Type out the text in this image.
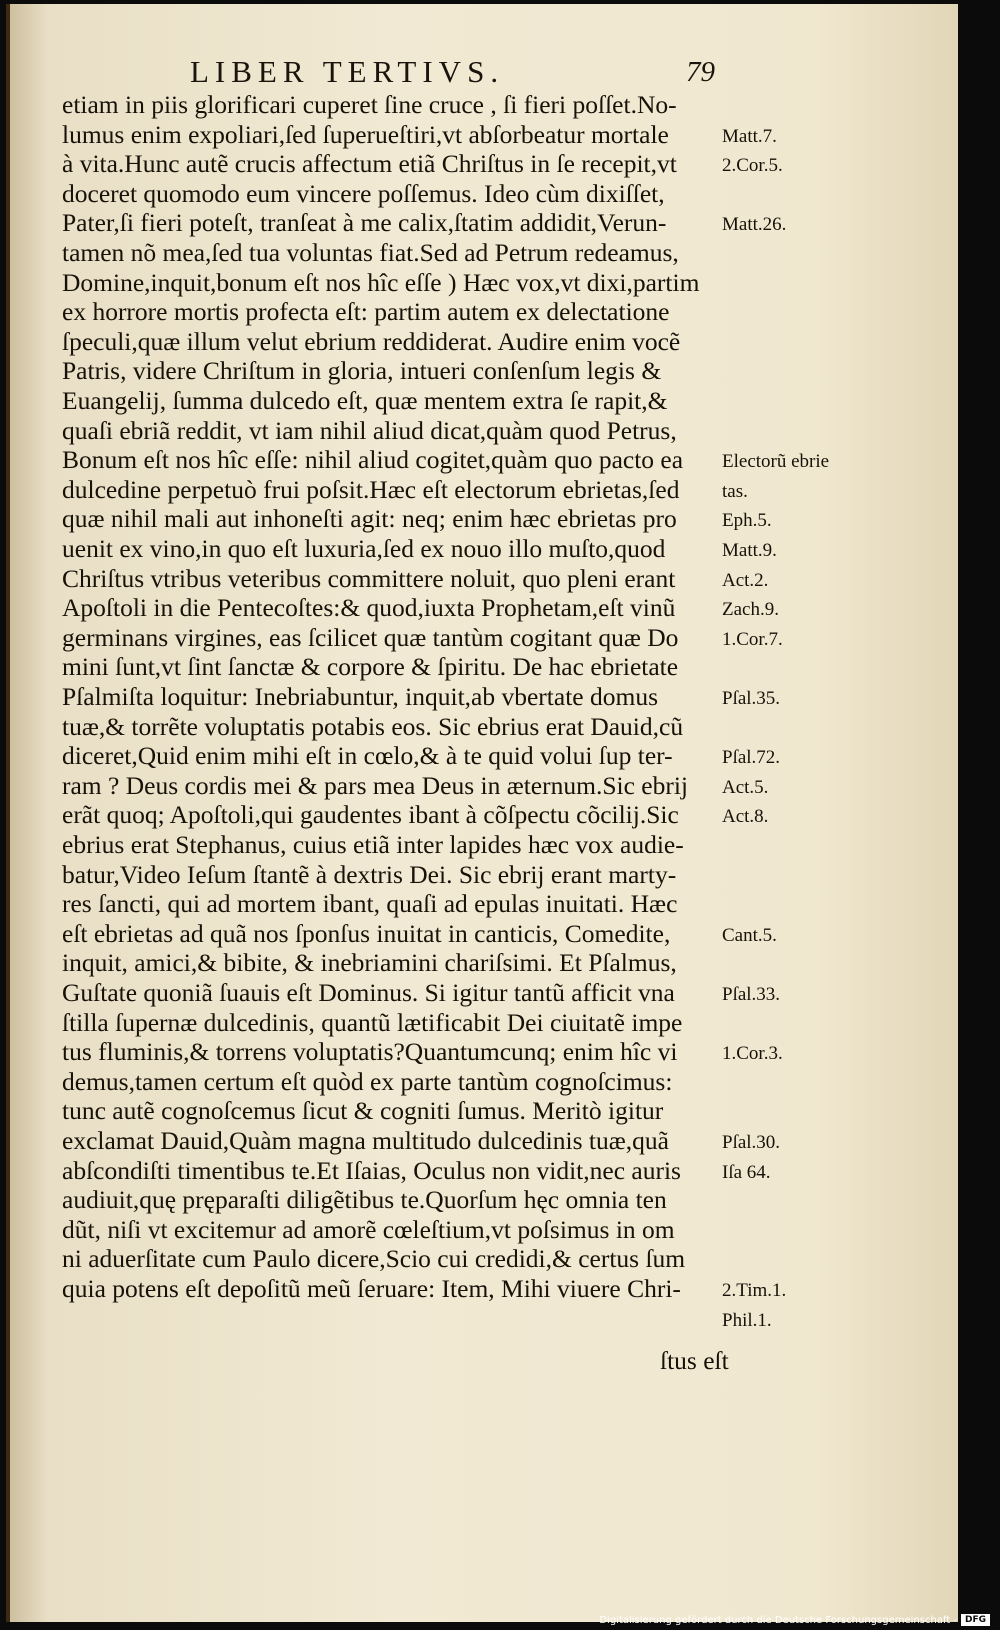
LIBER TERTIVS.	79
etiam in piis glorificari cuperet ſine cruce , ſi fieri poſſet.No-
lumus enim expoliari,ſed ſuperueſtiri,vt abſorbeatur mortale
à vita.Hunc autẽ crucis affectum etiã Chriſtus in ſe recepit,vt
doceret quomodo eum vincere poſſemus. Ideo cùm dixiſſet,
Pater,ſi fieri poteſt, tranſeat à me calix,ſtatim addidit,Verun-
tamen nõ mea,ſed tua voluntas fiat.Sed ad Petrum redeamus,
Domine,inquit,bonum eſt nos hîc eſſe ) Hæc vox,vt dixi,partim
ex horrore mortis profecta eſt: partim autem ex delectatione
ſpeculi,quæ illum velut ebrium reddiderat. Audire enim vocẽ
Patris, videre Chriſtum in gloria, intueri conſenſum legis &
Euangelij, ſumma dulcedo eſt, quæ mentem extra ſe rapit,&
quaſi ebriã reddit, vt iam nihil aliud dicat,quàm quod Petrus,
Bonum eſt nos hîc eſſe: nihil aliud cogitet,quàm quo pacto ea
dulcedine perpetuò frui poſsit.Hæc eſt electorum ebrietas,ſed
quæ nihil mali aut inhoneſti agit: neq; enim hæc ebrietas pro
uenit ex vino,in quo eſt luxuria,ſed ex nouo illo muſto,quod
Chriſtus vtribus veteribus committere noluit, quo pleni erant
Apoſtoli in die Pentecoſtes:& quod,iuxta Prophetam,eſt vinũ
germinans virgines, eas ſcilicet quæ tantùm cogitant quæ Do
mini ſunt,vt ſint ſanctæ & corpore & ſpiritu. De hac ebrietate
Pſalmiſta loquitur: Inebriabuntur, inquit,ab vbertate domus
tuæ,& torrẽte voluptatis potabis eos. Sic ebrius erat Dauid,cũ
diceret,Quid enim mihi eſt in cœlo,& à te quid volui ſup ter-
ram ? Deus cordis mei & pars mea Deus in æternum.Sic ebrij
erãt quoq; Apoſtoli,qui gaudentes ibant à cõſpectu cõcilij.Sic
ebrius erat Stephanus, cuius etiã inter lapides hæc vox audie-
batur,Video Ieſum ſtantẽ à dextris Dei. Sic ebrij erant marty-
res ſancti, qui ad mortem ibant, quaſi ad epulas inuitati. Hæc
eſt ebrietas ad quã nos ſponſus inuitat in canticis, Comedite,
inquit, amici,& bibite, & inebriamini chariſsimi. Et Pſalmus,
Guſtate quoniã ſuauis eſt Dominus. Si igitur tantũ afficit vna
ſtilla ſupernæ dulcedinis, quantũ lætificabit Dei ciuitatẽ impe
tus fluminis,& torrens voluptatis?Quantumcunq; enim hîc vi
demus,tamen certum eſt quòd ex parte tantùm cognoſcimus:
tunc autẽ cognoſcemus ſicut & cogniti ſumus. Meritò igitur
exclamat Dauid,Quàm magna multitudo dulcedinis tuæ,quã
abſcondiſti timentibus te.Et Iſaias, Oculus non vidit,nec auris
audiuit,quę pręparaſti diligẽtibus te.Quorſum hęc omnia ten
dũt, niſi vt excitemur ad amorẽ cœleſtium,vt poſsimus in om
ni aduerſitate cum Paulo dicere,Scio cui credidi,& certus ſum
quia potens eſt depoſitũ meũ ſeruare: Item, Mihi viuere Chri-
Matt.7.
2.Cor.5.
Matt.26.
Electorũ ebrie
tas.
Eph.5.
Matt.9.
Act.2.
Zach.9.
1.Cor.7.
Pſal.35.
Pſal.72.
Act.5.
Act.8.
Cant.5.
Pſal.33.
1.Cor.3.
Pſal.30.
Iſa 64.
2.Tim.1.
Phil.1.
ſtus eſt
Digitalisierung gefördert durch die Deutsche Forschungsgemeinschaft - DFG
